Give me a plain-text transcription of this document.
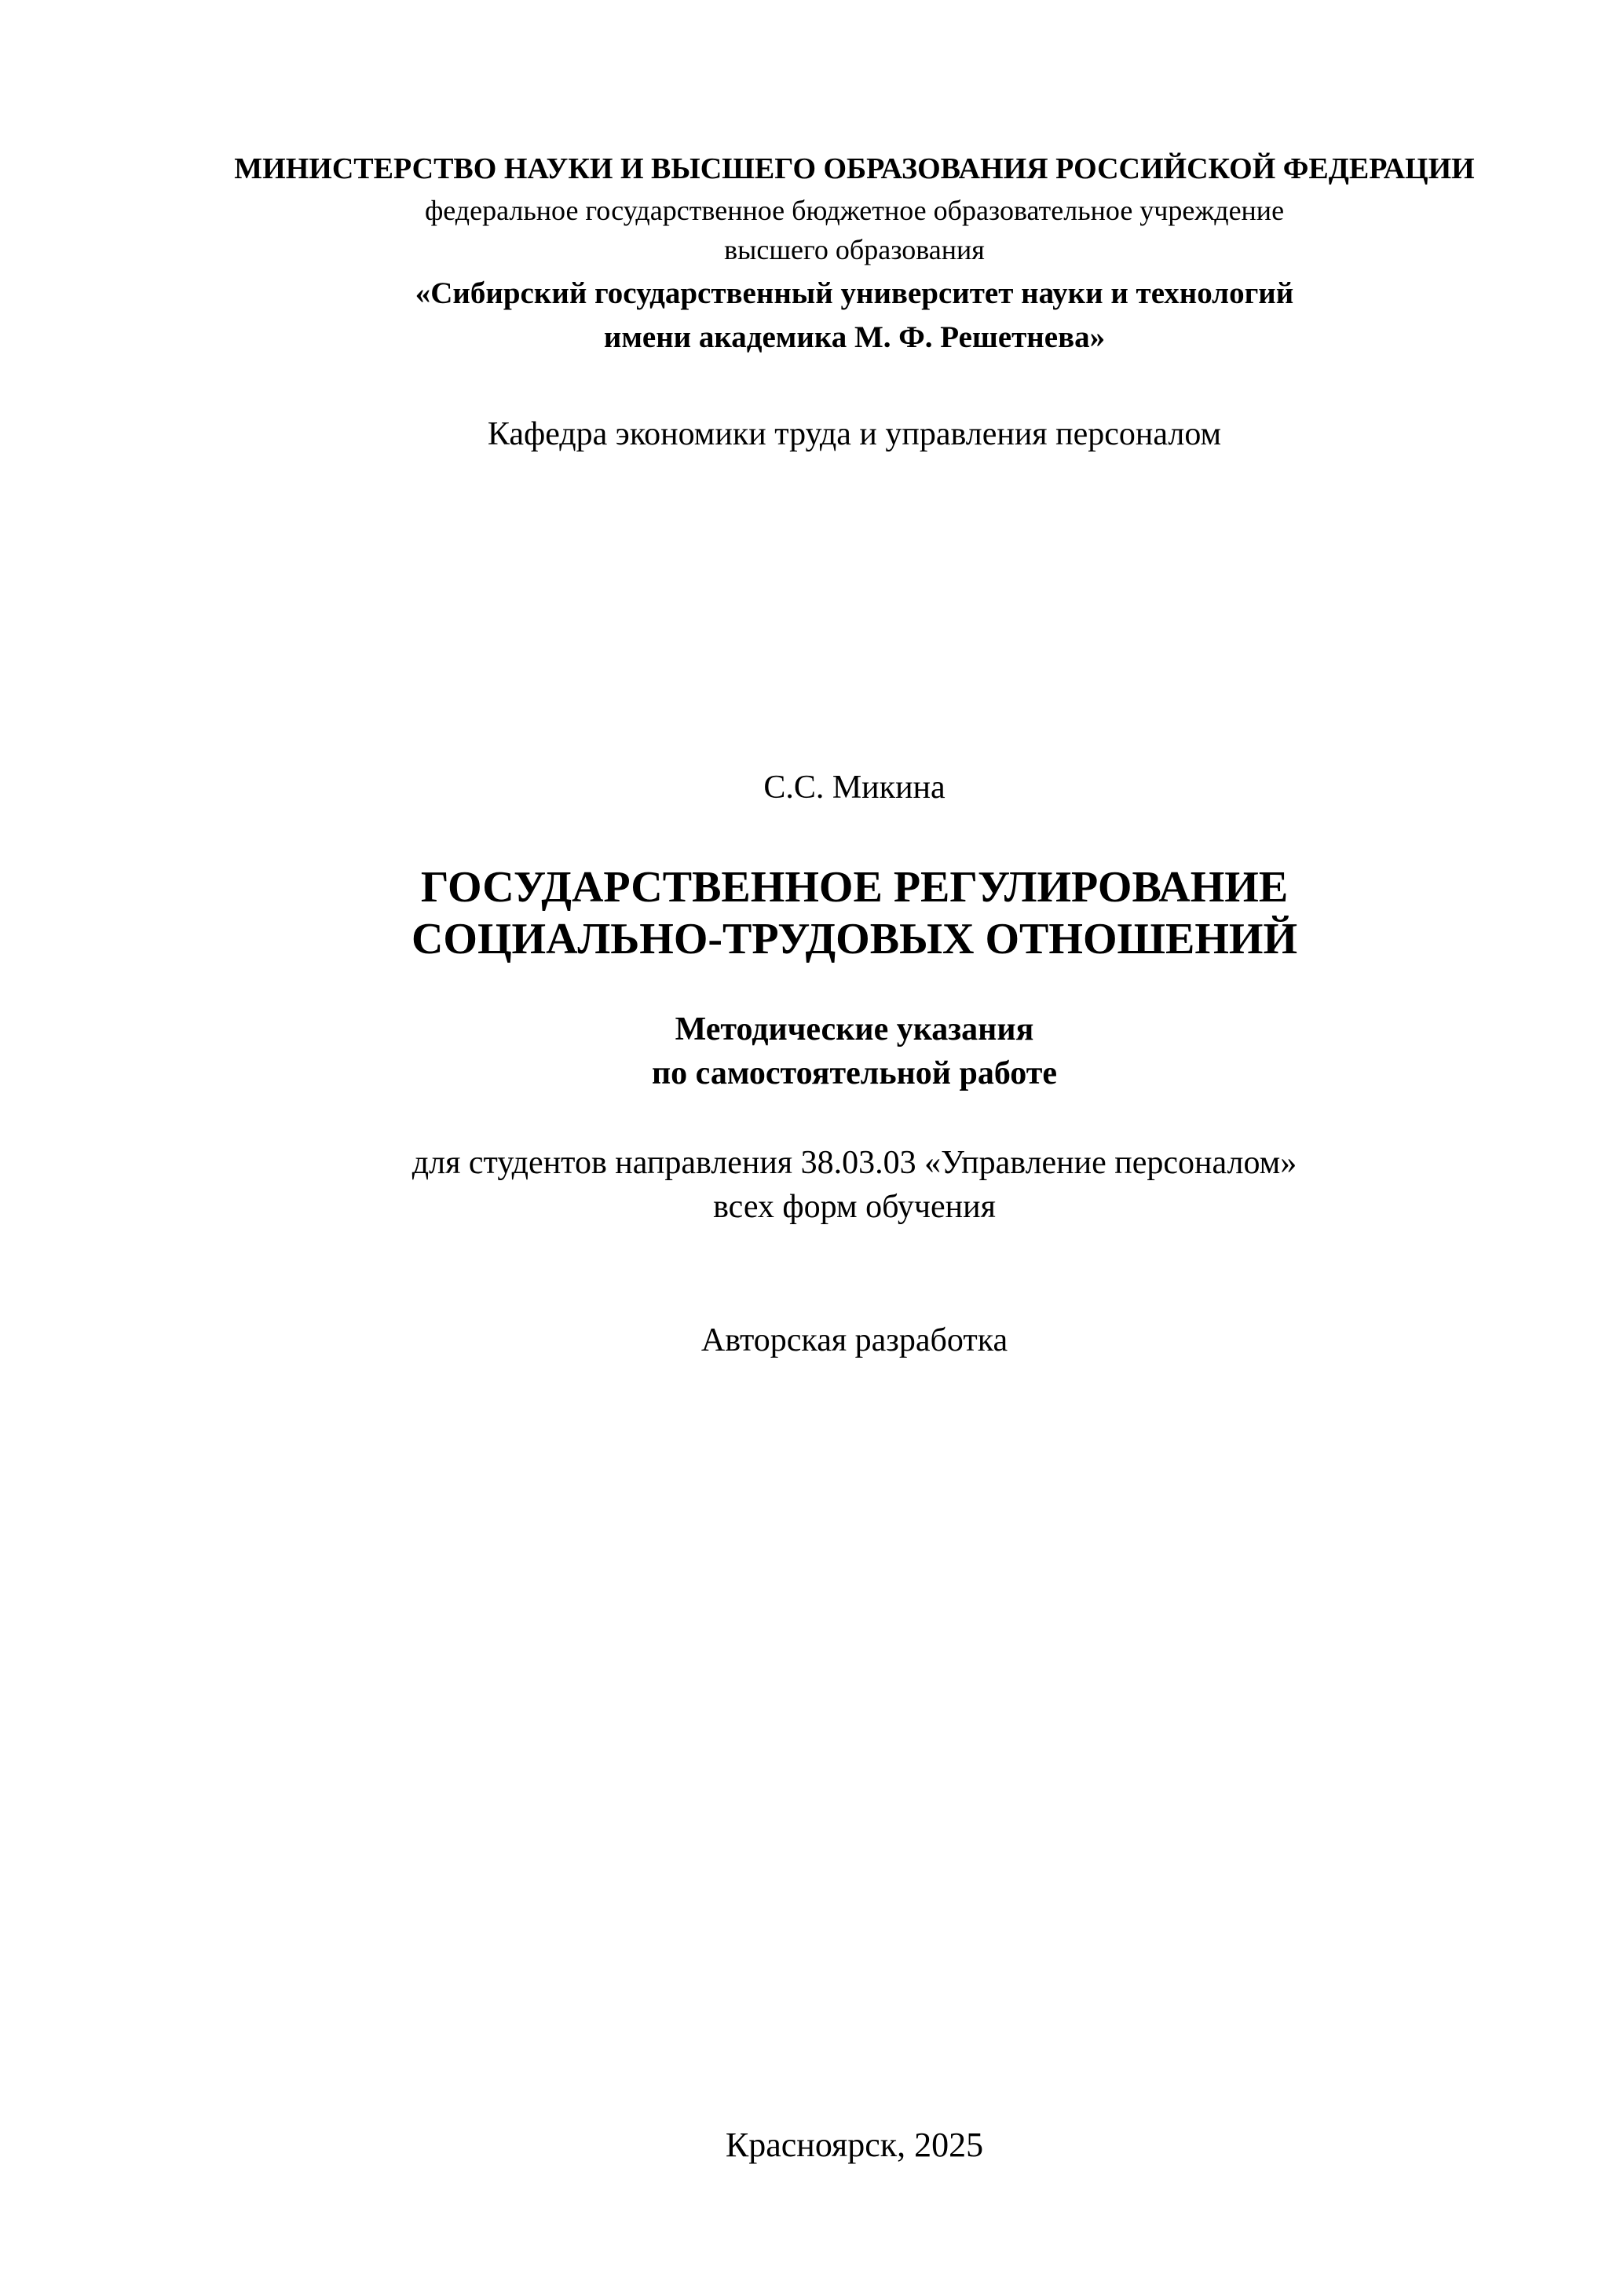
МИНИСТЕРСТВО НАУКИ И ВЫСШЕГО ОБРАЗОВАНИЯ РОССИЙСКОЙ ФЕДЕРАЦИИ

федеральное государственное бюджетное образовательное учреждение

высшего образования

«Сибирский государственный университет науки и технологий

имени академика М. Ф. Решетнева»

Кафедра экономики труда и управления персоналом

С.С. Микина

ГОСУДАРСТВЕННОЕ РЕГУЛИРОВАНИЕ

СОЦИАЛЬНО-ТРУДОВЫХ ОТНОШЕНИЙ

Методические указания

по самостоятельной работе

для студентов направления 38.03.03 «Управление персоналом»

всех форм обучения

Авторская разработка

Красноярск, 2025
